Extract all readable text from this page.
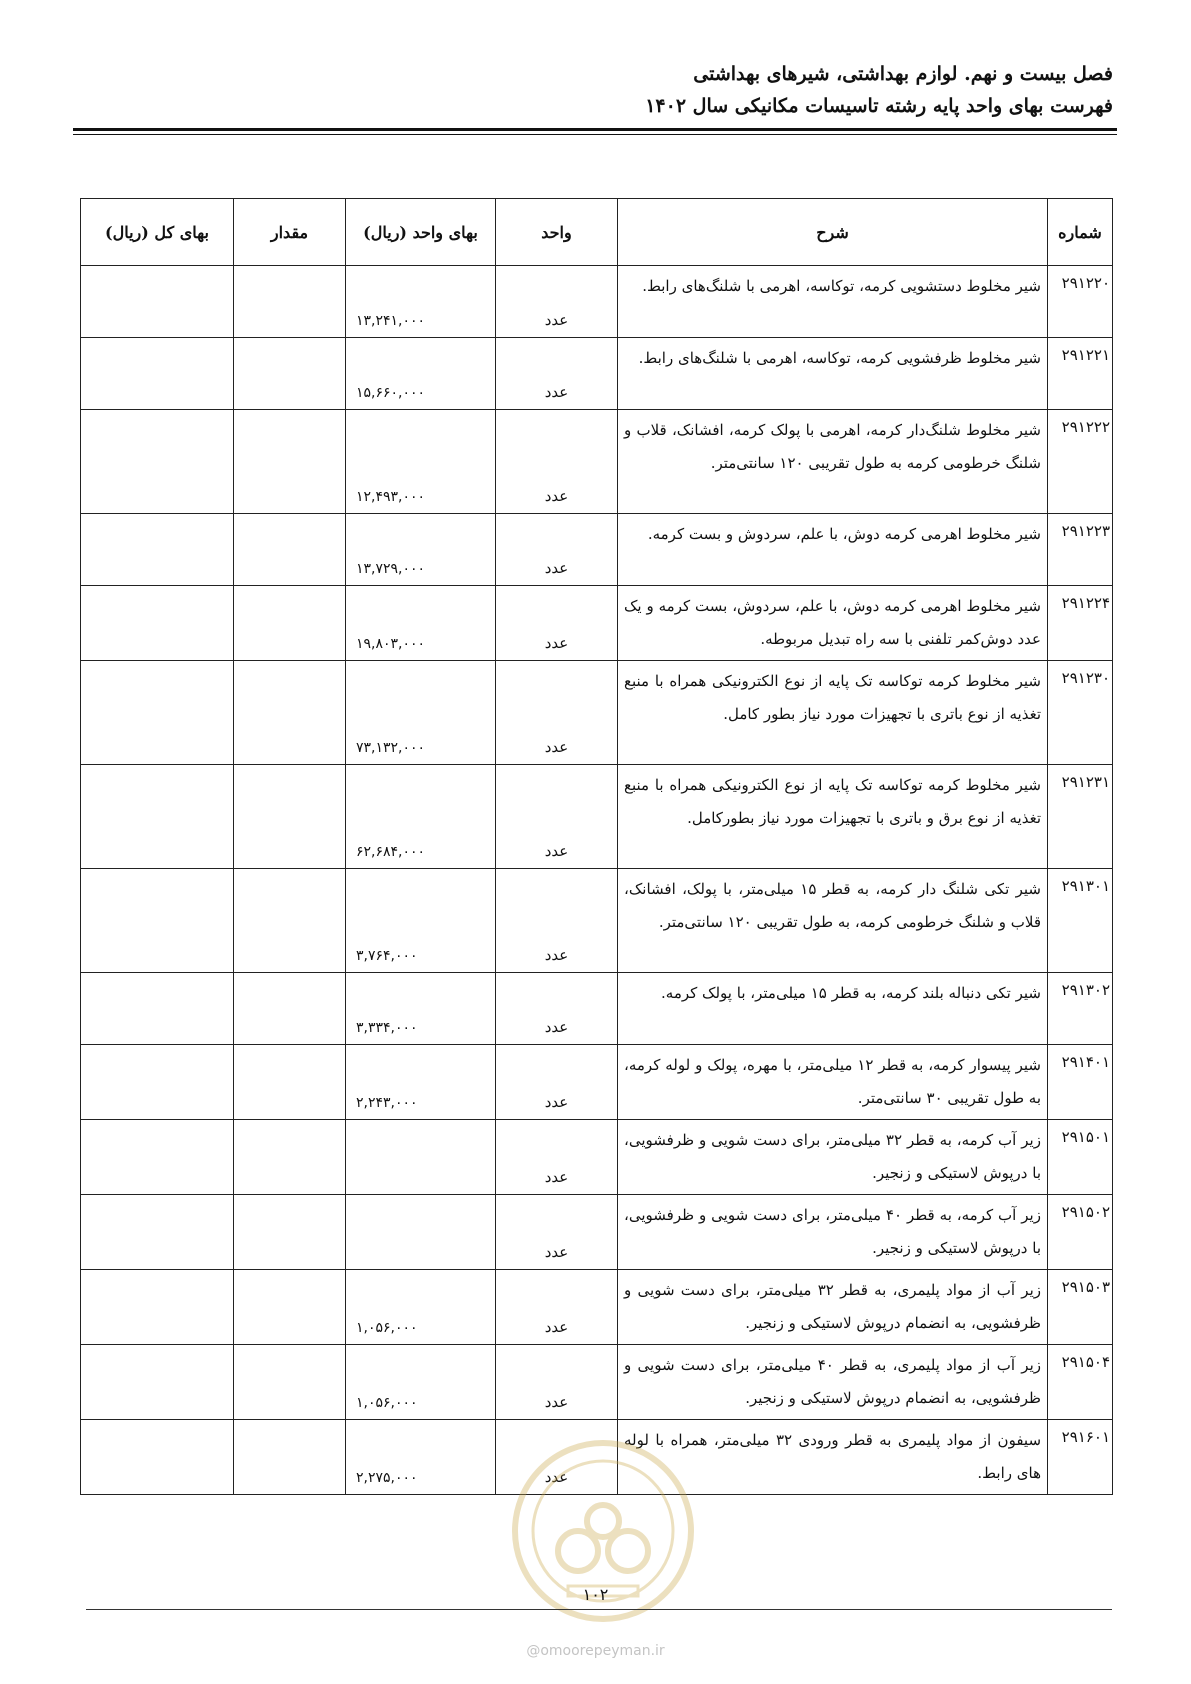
فصل بیست و نهم. لوازم بهداشتی، شیرهای بهداشتی
فهرست بهای واحد پایه رشته تاسیسات مکانیکی سال ۱۴۰۲
شماره	شرح	واحد	بهای واحد (ریال)	مقدار	بهای کل (ریال)
۲۹۱۲۲۰	شیر مخلوط دستشویی کرمه، توکاسه، اهرمی با شلنگ‌های رابط.	عدد	۱۳,۲۴۱,۰۰۰		
۲۹۱۲۲۱	شیر مخلوط ظرفشویی کرمه، توکاسه، اهرمی با شلنگ‌های رابط.	عدد	۱۵,۶۶۰,۰۰۰		
۲۹۱۲۲۲	شیر مخلوط شلنگ‌دار کرمه، اهرمی با پولک کرمه، افشانک، قلاب و شلنگ خرطومی کرمه به طول تقریبی ۱۲۰ سانتی‌متر.	عدد	۱۲,۴۹۳,۰۰۰		
۲۹۱۲۲۳	شیر مخلوط اهرمی کرمه دوش، با علم، سردوش و بست کرمه.	عدد	۱۳,۷۲۹,۰۰۰		
۲۹۱۲۲۴	شیر مخلوط اهرمی کرمه دوش، با علم، سردوش، بست کرمه و یک عدد دوش‌کمر تلفنی با سه راه تبدیل مربوطه.	عدد	۱۹,۸۰۳,۰۰۰		
۲۹۱۲۳۰	شیر مخلوط کرمه توکاسه تک پایه از نوع الکترونیکی همراه با منبع تغذیه از نوع باتری با تجهیزات مورد نیاز بطور کامل.	عدد	۷۳,۱۳۲,۰۰۰		
۲۹۱۲۳۱	شیر مخلوط کرمه توکاسه تک پایه از نوع الکترونیکی همراه با منبع تغذیه از نوع برق و باتری با تجهیزات مورد نیاز بطورکامل.	عدد	۶۲,۶۸۴,۰۰۰		
۲۹۱۳۰۱	شیر تکی شلنگ دار کرمه، به قطر ۱۵ میلی‌متر، با پولک، افشانک، قلاب و شلنگ خرطومی کرمه، به طول تقریبی ۱۲۰ سانتی‌متر.	عدد	۳,۷۶۴,۰۰۰		
۲۹۱۳۰۲	شیر تکی دنباله بلند کرمه، به قطر ۱۵ میلی‌متر، با پولک کرمه.	عدد	۳,۳۳۴,۰۰۰		
۲۹۱۴۰۱	شیر پیسوار کرمه، به قطر ۱۲ میلی‌متر، با مهره، پولک و لوله کرمه، به طول تقریبی ۳۰ سانتی‌متر.	عدد	۲,۲۴۳,۰۰۰		
۲۹۱۵۰۱	زیر آب کرمه، به قطر ۳۲ میلی‌متر، برای دست شویی و ظرفشویی، با درپوش لاستیکی و زنجیر.	عدد			
۲۹۱۵۰۲	زیر آب کرمه، به قطر ۴۰ میلی‌متر، برای دست شویی و ظرفشویی، با درپوش لاستیکی و زنجیر.	عدد			
۲۹۱۵۰۳	زیر آب از مواد پلیمری، به قطر ۳۲ میلی‌متر، برای دست شویی و ظرفشویی، به انضمام درپوش لاستیکی و زنجیر.	عدد	۱,۰۵۶,۰۰۰		
۲۹۱۵۰۴	زیر آب از مواد پلیمری، به قطر ۴۰ میلی‌متر، برای دست شویی و ظرفشویی، به انضمام درپوش لاستیکی و زنجیر.	عدد	۱,۰۵۶,۰۰۰		
۲۹۱۶۰۱	سیفون از مواد پلیمری به قطر ورودی ۳۲ میلی‌متر، همراه با لوله های رابط.	عدد	۲,۲۷۵,۰۰۰		
۱۰۲
@omoorepeyman.ir
